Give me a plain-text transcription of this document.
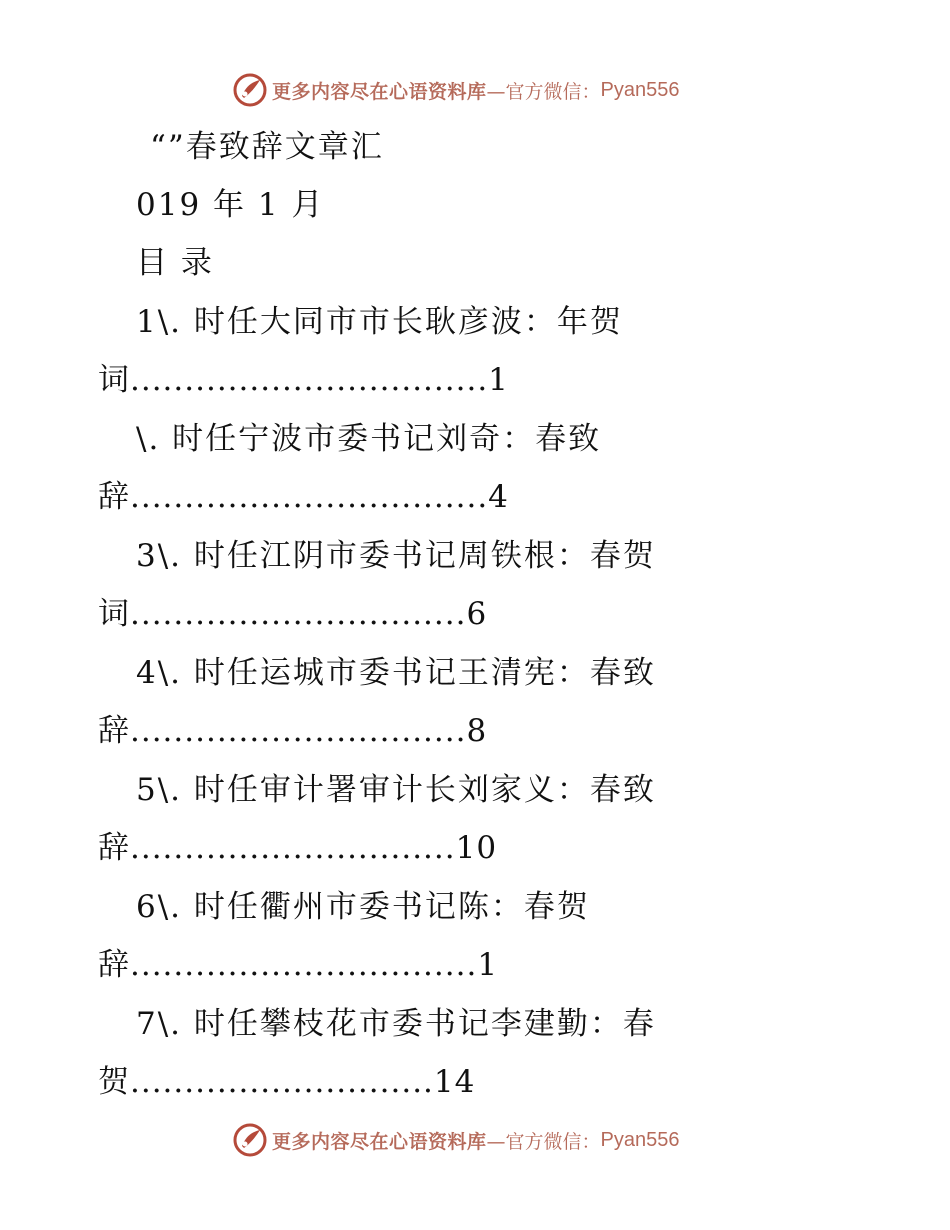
更多内容尽在心语资料库 —官方微信： Pyan556
“”春致辞文章汇
019 年 1 月
目 录
1\. 时任大同市市长耿彦波：年贺
词.................................1
\. 时任宁波市委书记刘奇：春致
辞.................................4
3\. 时任江阴市委书记周铁根：春贺
词...............................6
4\. 时任运城市委书记王清宪：春致
辞...............................8
5\. 时任审计署审计长刘家义：春致
辞..............................10
6\. 时任衢州市委书记陈：春贺
辞................................1
7\. 时任攀枝花市委书记李建勤：春
贺............................14
更多内容尽在心语资料库 —官方微信： Pyan556
